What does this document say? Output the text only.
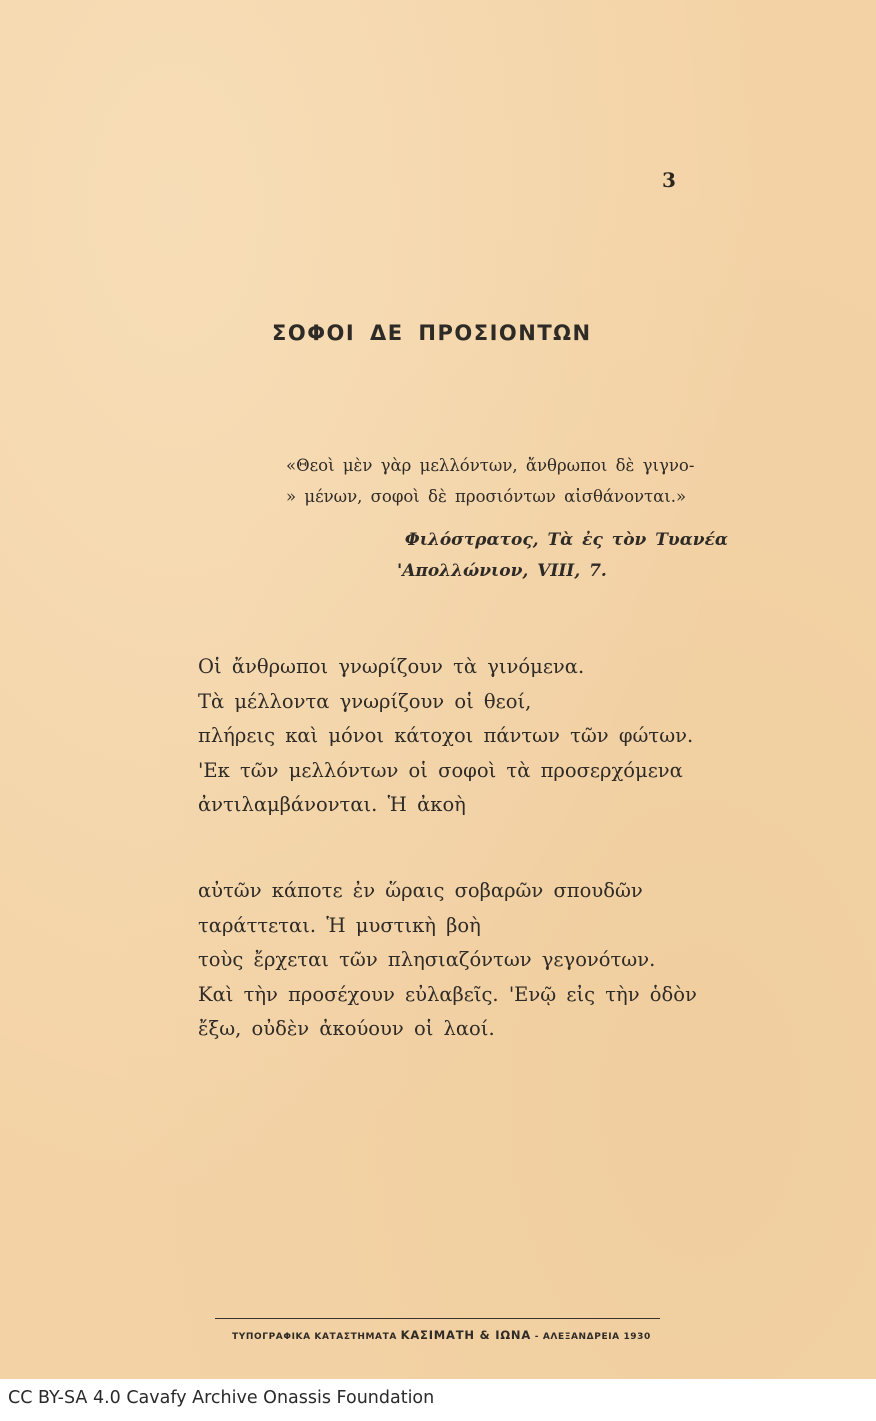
3
ΣΟΦΟΙ ΔΕ ΠΡΟΣΙΟΝΤΩΝ
«Θεοὶ μὲν γὰρ μελλόντων, ἄνθρωποι δὲ γιγνο-
» μένων, σοφοὶ δὲ προσιόντων αἰσθάνονται.»
Φιλόστρατος, Τὰ ἐς τὸν Τυανέα
'Απολλώνιον, VIII, 7.
Οἱ ἄνθρωποι γνωρίζουν τὰ γινόμενα.
Τὰ μέλλοντα γνωρίζουν οἱ θεοί,
πλήρεις καὶ μόνοι κάτοχοι πάντων τῶν φώτων.
'Εκ τῶν μελλόντων οἱ σοφοὶ τὰ προσερχόμενα
ἀντιλαμβάνονται. Ἡ ἀκοὴ
αὐτῶν κάποτε ἐν ὥραις σοβαρῶν σπουδῶν
ταράττεται. Ἡ μυστικὴ βοὴ
τοὺς ἔρχεται τῶν πλησιαζόντων γεγονότων.
Καὶ τὴν προσέχουν εὐλαβεῖς. 'Ενῷ εἰς τὴν ὁδὸν
ἔξω, οὐδὲν ἀκούουν οἱ λαοί.
ΤΥΠΟΓΡΑΦΙΚΑ ΚΑΤΑΣΤΗΜΑΤΑ ΚΑΣΙΜΑΤΗ & ΙΩΝΑ - ΑΛΕΞΑΝΔΡΕΙΑ 1930
CC BY-SA 4.0 Cavafy Archive Onassis Foundation
